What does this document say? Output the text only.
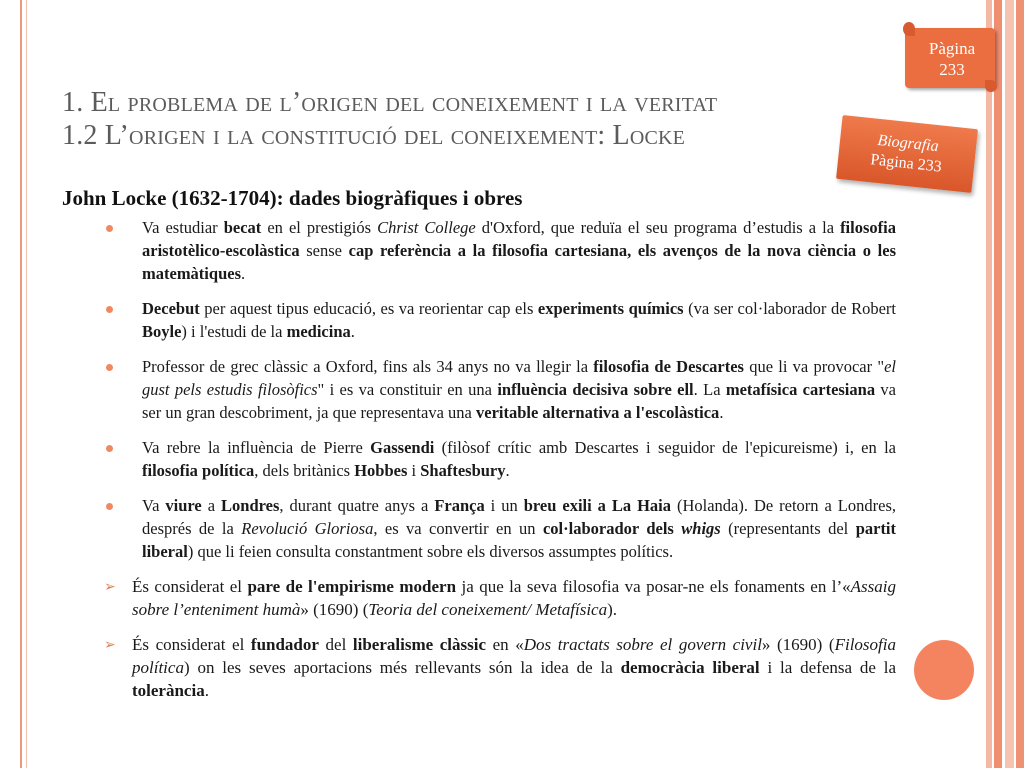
Pàgina
233
Biografia
Pàgina 233
1. El problema de l’origen del coneixement i la veritat
1.2 L’origen i la constitució del coneixement: Locke
John Locke (1632-1704): dades biogràfiques i obres
Va estudiar becat en el prestigiós Christ College d'Oxford, que reduïa el seu programa d’estudis a la filosofia aristotèlico-escolàstica sense cap referència a la filosofia cartesiana, els avenços de la nova ciència o les matemàtiques.
Decebut per aquest tipus educació, es va reorientar cap els experiments químics (va ser col·laborador de Robert Boyle) i l'estudi de la medicina.
Professor de grec clàssic a Oxford, fins als 34 anys no va llegir la filosofia de Descartes que li va provocar "el gust pels estudis filosòfics" i es va constituir en una influència decisiva sobre ell. La metafísica cartesiana va ser un gran descobriment, ja que representava una veritable alternativa a l'escolàstica.
Va rebre la influència de Pierre Gassendi (filòsof crític amb Descartes i seguidor de l'epicureisme) i, en la filosofia política, dels britànics Hobbes i Shaftesbury.
Va viure a Londres, durant quatre anys a França i un breu exili a La Haia (Holanda). De retorn a Londres, després de la Revolució Gloriosa, es va convertir en un col·laborador dels whigs (representants del partit liberal) que li feien consulta constantment sobre els diversos assumptes polítics.
➢ És considerat el pare de l'empirisme modern ja que la seva filosofia va posar-ne els fonaments en l’«Assaig sobre l’enteniment humà» (1690) (Teoria del coneixement/ Metafísica).
➢ És considerat el fundador del liberalisme clàssic en «Dos tractats sobre el govern civil» (1690) (Filosofia política) on les seves aportacions més rellevants són la idea de la democràcia liberal i la defensa de la tolerància.
